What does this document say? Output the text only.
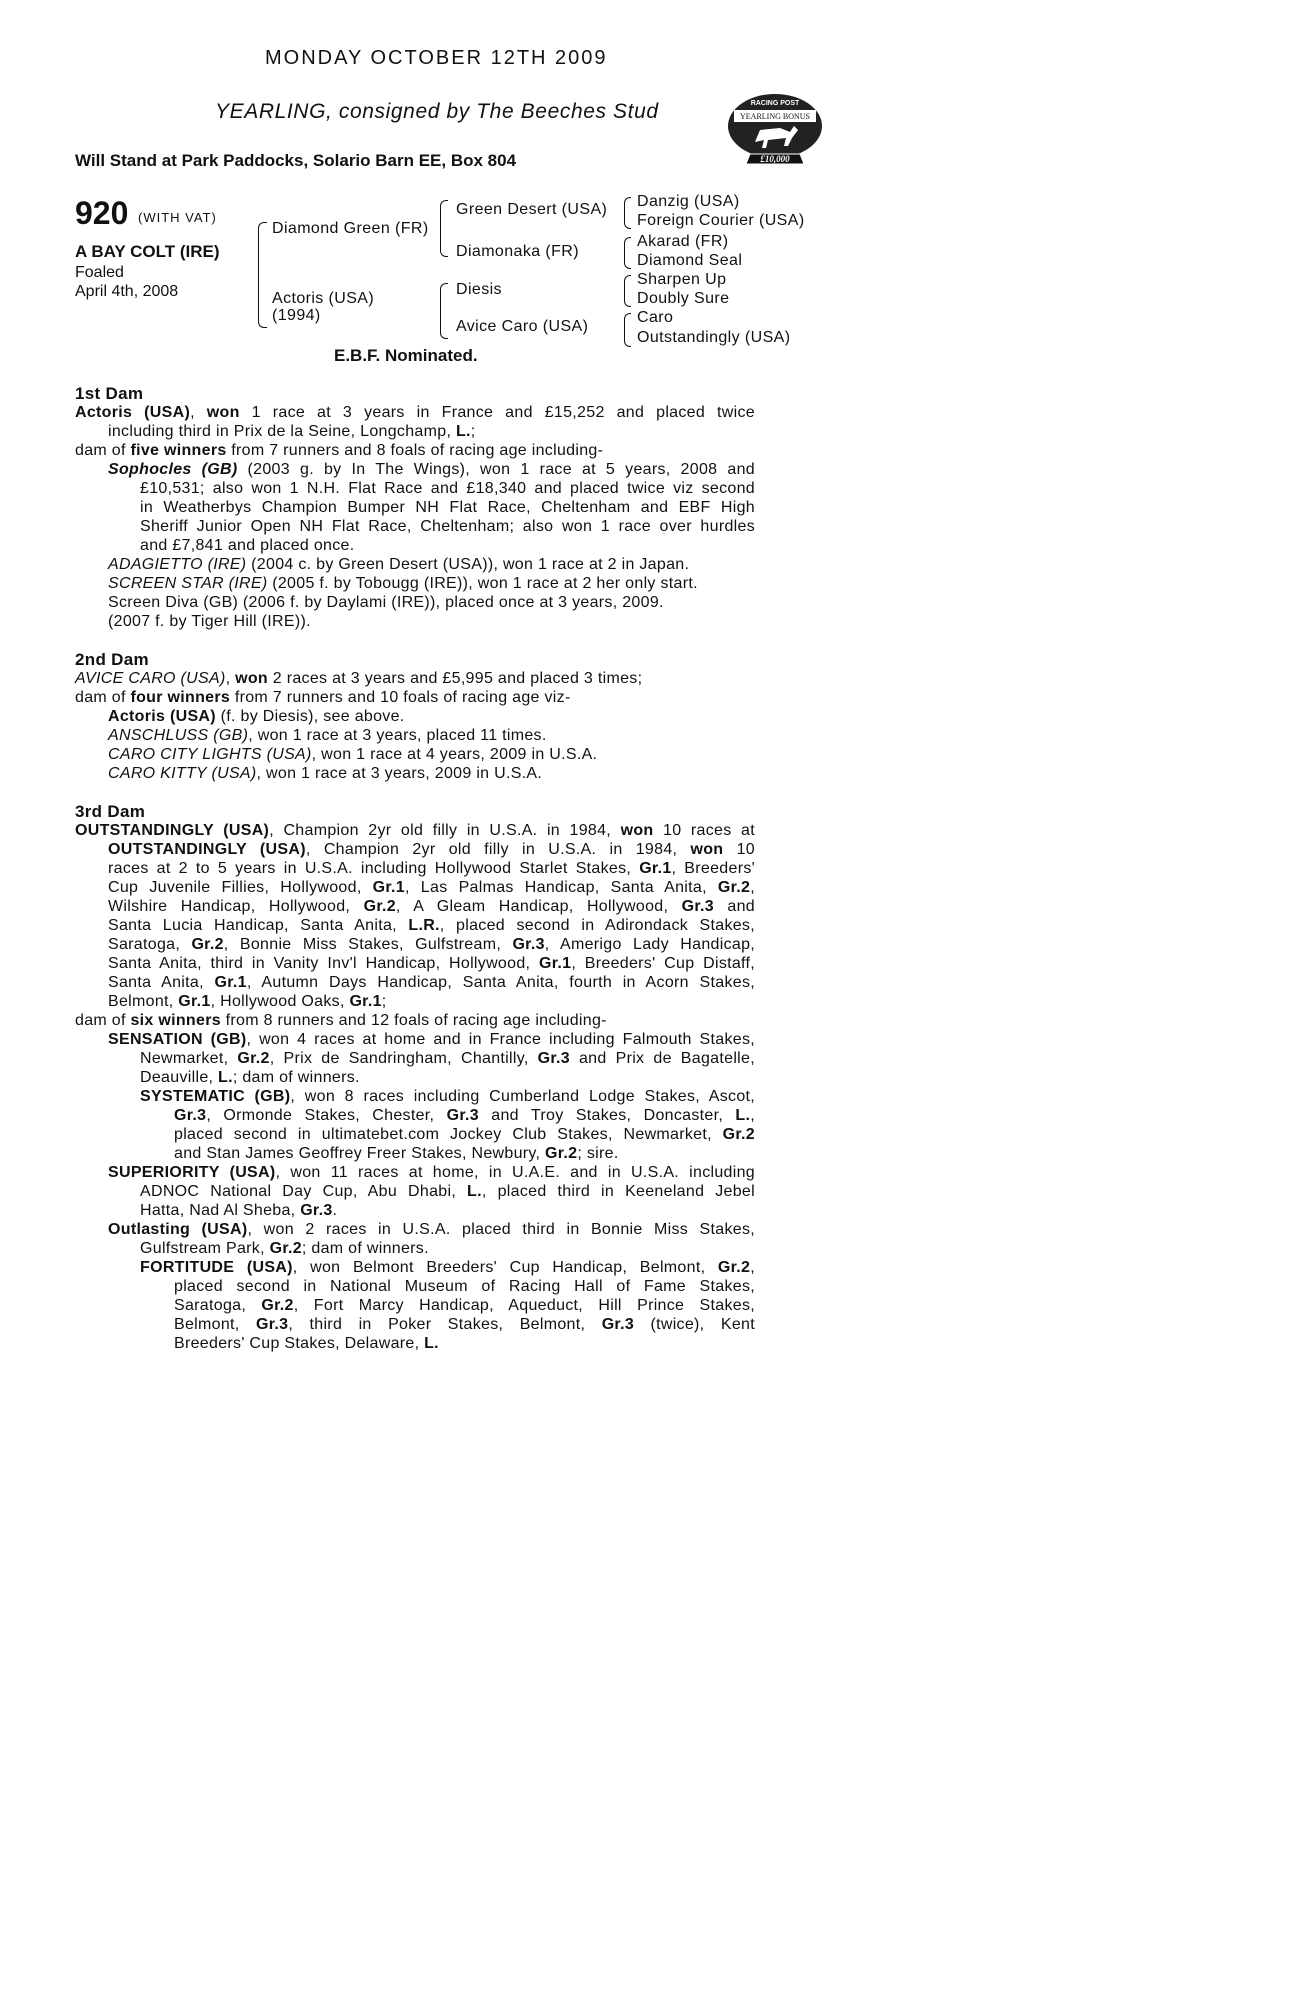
MONDAY OCTOBER 12TH 2009
YEARLING, consigned by The Beeches Stud
Will Stand at Park Paddocks, Solario Barn EE, Box 804
RACING POST
YEARLING BONUS
£10,000
920 (WITH VAT)
A BAY COLT (IRE)
Foaled
April 4th, 2008
Diamond Green (FR)
Actoris (USA)
(1994)
Green Desert (USA)
Diamonaka (FR)
Diesis
Avice Caro (USA)
Danzig (USA)
Foreign Courier (USA)
Akarad (FR)
Diamond Seal
Sharpen Up
Doubly Sure
Caro
Outstandingly (USA)
E.B.F. Nominated.
1st Dam
Actoris (USA), won 1 race at 3 years in France and £15,252 and placed twice
including third in Prix de la Seine, Longchamp, L.;
dam of five winners from 7 runners and 8 foals of racing age including-
Sophocles (GB) (2003 g. by In The Wings), won 1 race at 5 years, 2008 and
£10,531; also won 1 N.H. Flat Race and £18,340 and placed twice viz second
in Weatherbys Champion Bumper NH Flat Race, Cheltenham and EBF High
Sheriff Junior Open NH Flat Race, Cheltenham; also won 1 race over hurdles
and £7,841 and placed once.
ADAGIETTO (IRE) (2004 c. by Green Desert (USA)), won 1 race at 2 in Japan.
SCREEN STAR (IRE) (2005 f. by Tobougg (IRE)), won 1 race at 2 her only start.
Screen Diva (GB) (2006 f. by Daylami (IRE)), placed once at 3 years, 2009.
(2007 f. by Tiger Hill (IRE)).
2nd Dam
AVICE CARO (USA), won 2 races at 3 years and £5,995 and placed 3 times;
dam of four winners from 7 runners and 10 foals of racing age viz-
Actoris (USA) (f. by Diesis), see above.
ANSCHLUSS (GB), won 1 race at 3 years, placed 11 times.
CARO CITY LIGHTS (USA), won 1 race at 4 years, 2009 in U.S.A.
CARO KITTY (USA), won 1 race at 3 years, 2009 in U.S.A.
3rd Dam
OUTSTANDINGLY (USA), Champion 2yr old filly in U.S.A. in 1984, won 10 races at
OUTSTANDINGLY (USA), Champion 2yr old filly in U.S.A. in 1984, won 10
races at 2 to 5 years in U.S.A. including Hollywood Starlet Stakes, Gr.1, Breeders'
Cup Juvenile Fillies, Hollywood, Gr.1, Las Palmas Handicap, Santa Anita, Gr.2,
Wilshire Handicap, Hollywood, Gr.2, A Gleam Handicap, Hollywood, Gr.3 and
Santa Lucia Handicap, Santa Anita, L.R., placed second in Adirondack Stakes,
Saratoga, Gr.2, Bonnie Miss Stakes, Gulfstream, Gr.3, Amerigo Lady Handicap,
Santa Anita, third in Vanity Inv'l Handicap, Hollywood, Gr.1, Breeders' Cup Distaff,
Santa Anita, Gr.1, Autumn Days Handicap, Santa Anita, fourth in Acorn Stakes,
Belmont, Gr.1, Hollywood Oaks, Gr.1;
dam of six winners from 8 runners and 12 foals of racing age including-
SENSATION (GB), won 4 races at home and in France including Falmouth Stakes,
Newmarket, Gr.2, Prix de Sandringham, Chantilly, Gr.3 and Prix de Bagatelle,
Deauville, L.; dam of winners.
SYSTEMATIC (GB), won 8 races including Cumberland Lodge Stakes, Ascot,
Gr.3, Ormonde Stakes, Chester, Gr.3 and Troy Stakes, Doncaster, L.,
placed second in ultimatebet.com Jockey Club Stakes, Newmarket, Gr.2
and Stan James Geoffrey Freer Stakes, Newbury, Gr.2; sire.
SUPERIORITY (USA), won 11 races at home, in U.A.E. and in U.S.A. including
ADNOC National Day Cup, Abu Dhabi, L., placed third in Keeneland Jebel
Hatta, Nad Al Sheba, Gr.3.
Outlasting (USA), won 2 races in U.S.A. placed third in Bonnie Miss Stakes,
Gulfstream Park, Gr.2; dam of winners.
FORTITUDE (USA), won Belmont Breeders' Cup Handicap, Belmont, Gr.2,
placed second in National Museum of Racing Hall of Fame Stakes,
Saratoga, Gr.2, Fort Marcy Handicap, Aqueduct, Hill Prince Stakes,
Belmont, Gr.3, third in Poker Stakes, Belmont, Gr.3 (twice), Kent
Breeders' Cup Stakes, Delaware, L.
